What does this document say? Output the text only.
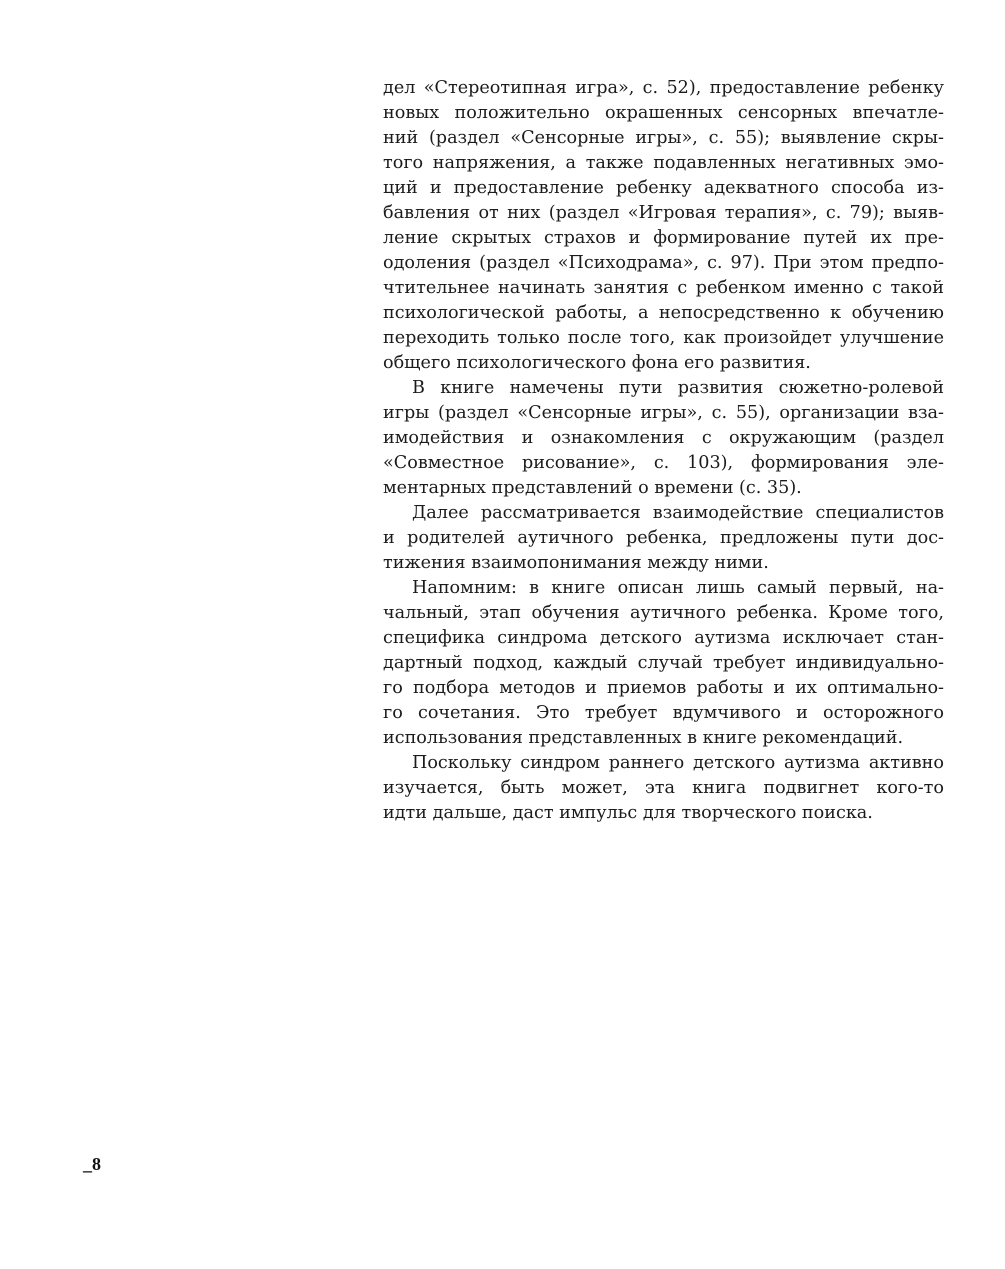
дел «Стереотипная игра», с. 52), предоставление ребенку
новых положительно окрашенных сенсорных впечатле-
ний (раздел «Сенсорные игры», с. 55); выявление скры-
того напряжения, а также подавленных негативных эмо-
ций и предоставление ребенку адекватного способа из-
бавления от них (раздел «Игровая терапия», с. 79); выяв-
ление скрытых страхов и формирование путей их пре-
одоления (раздел «Психодрама», с. 97). При этом предпо-
чтительнее начинать занятия с ребенком именно с такой
психологической работы, а непосредственно к обучению
переходить только после того, как произойдет улучшение
общего психологического фона его развития.
В книге намечены пути развития сюжетно-ролевой
игры (раздел «Сенсорные игры», с. 55), организации вза-
имодействия и ознакомления с окружающим (раздел
«Совместное рисование», с. 103), формирования эле-
ментарных представлений о времени (с. 35).
Далее рассматривается взаимодействие специалистов
и родителей аутичного ребенка, предложены пути дос-
тижения взаимопонимания между ними.
Напомним: в книге описан лишь самый первый, на-
чальный, этап обучения аутичного ребенка. Кроме того,
специфика синдрома детского аутизма исключает стан-
дартный подход, каждый случай требует индивидуально-
го подбора методов и приемов работы и их оптимально-
го сочетания. Это требует вдумчивого и осторожного
использования представленных в книге рекомендаций.
Поскольку синдром раннего детского аутизма активно
изучается, быть может, эта книга подвигнет кого-то
идти дальше, даст импульс для творческого поиска.
_8
